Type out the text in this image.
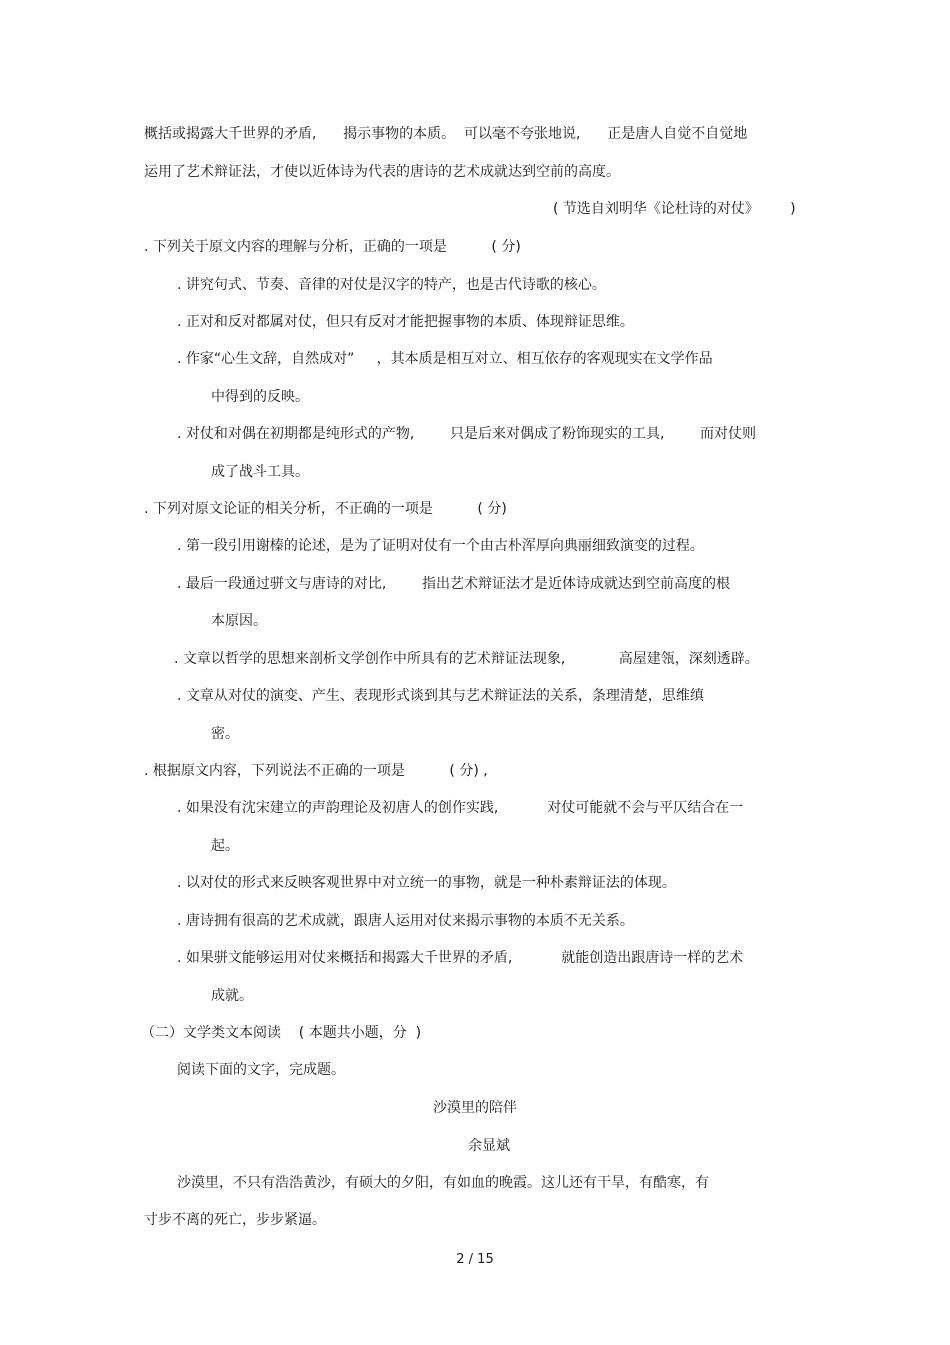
概括或揭露大千世界的矛盾,      揭示事物的本质。  可以毫不夸张地说,      正是唐人自觉不自觉地
运用了艺术辩证法，才使以近体诗为代表的唐诗的艺术成就达到空前的高度。
( 节选自刘明华《论杜诗的对仗》       )
. 下列关于原文内容的理解与分析，正确的一项是          ( 分)
. 讲究句式、节奏、音律的对仗是汉字的特产，也是古代诗歌的核心。
. 正对和反对都属对仗，但只有反对才能把握事物的本质、体现辩证思维。
. 作家“心生文辞，自然成对”     ，其本质是相互对立、相互依存的客观现实在文学作品
中得到的反映。
. 对仗和对偶在初期都是纯形式的产物,        只是后来对偶成了粉饰现实的工具,        而对仗则
成了战斗工具。
. 下列对原文论证的相关分析，不正确的一项是          ( 分)
. 第一段引用谢榛的论述，是为了证明对仗有一个由古朴浑厚向典丽细致演变的过程。
. 最后一段通过骈文与唐诗的对比,        指出艺术辩证法才是近体诗成就达到空前高度的根
本原因。
. 文章以哲学的思想来剖析文学创作中所具有的艺术辩证法现象,            高屋建瓴，深刻透辟。
. 文章从对仗的演变、产生、表现形式谈到其与艺术辩证法的关系，条理清楚，思维缜
密。
. 根据原文内容，下列说法不正确的一项是          ( 分) ,
. 如果没有沈宋建立的声韵理论及初唐人的创作实践,           对仗可能就不会与平仄结合在一
起。
. 以对仗的形式来反映客观世界中对立统一的事物，就是一种朴素辩证法的体现。
. 唐诗拥有很高的艺术成就，跟唐人运用对仗来揭示事物的本质不无关系。
. 如果骈文能够运用对仗来概括和揭露大千世界的矛盾,           就能创造出跟唐诗一样的艺术
成就。
（二）文学类文本阅读    ( 本题共小题，分  )
阅读下面的文字，完成题。
沙漠里的陪伴
余显斌
沙漠里，不只有浩浩黄沙，有硕大的夕阳，有如血的晚霞。这儿还有干旱，有酷寒，有
寸步不离的死亡，步步紧逼。
2 / 15
